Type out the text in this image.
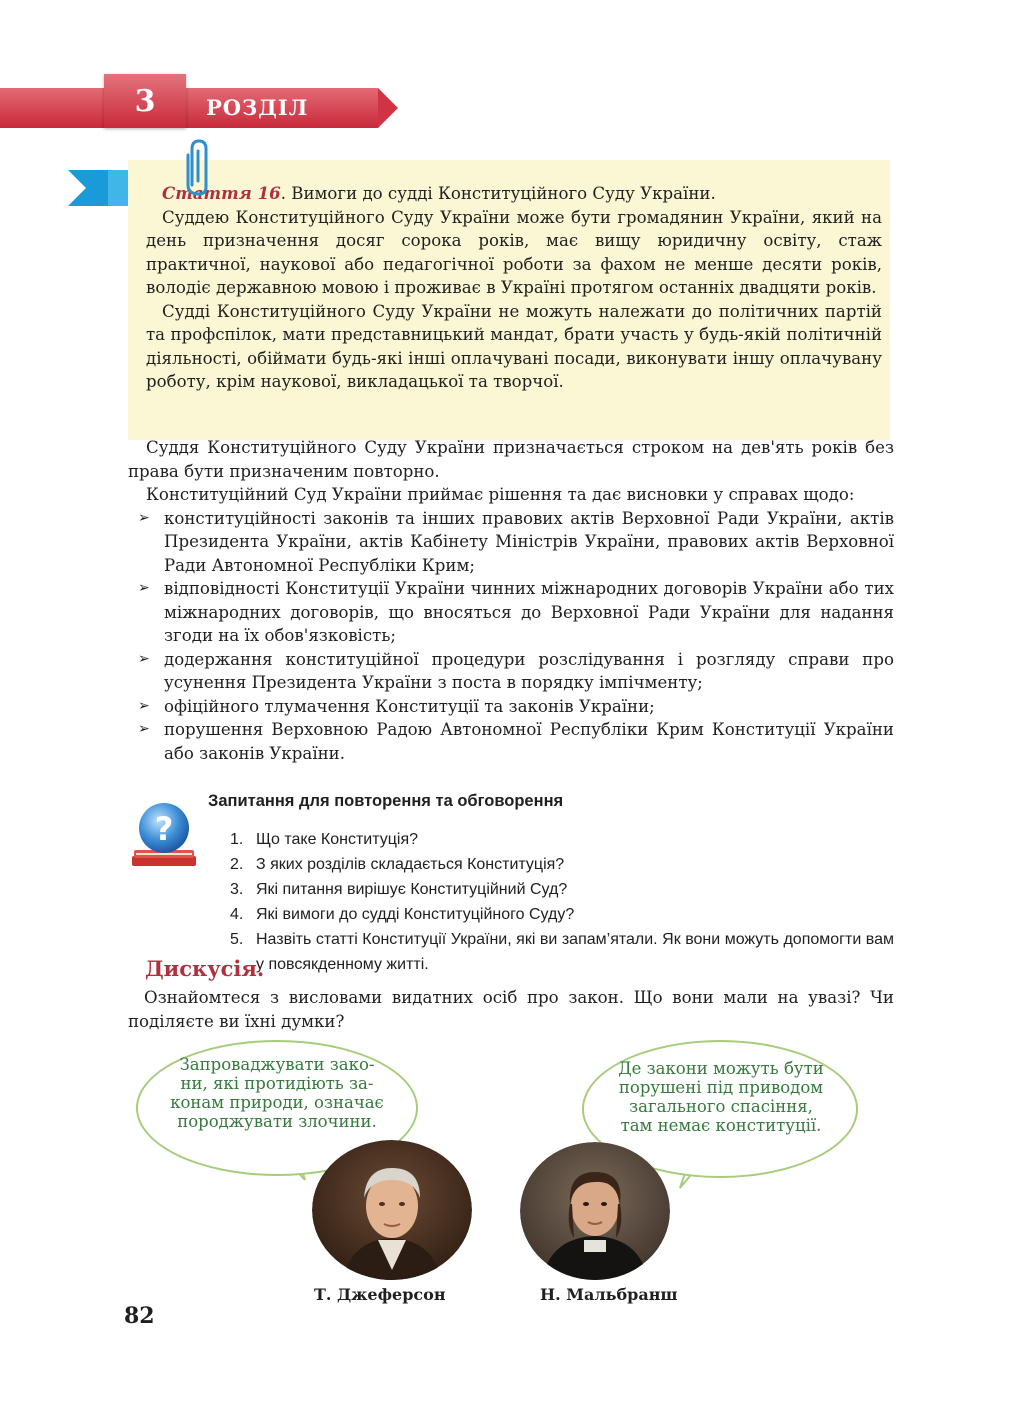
3 РОЗДІЛ

Стаття 16. Вимоги до судді Конституційного Суду України.

Суддею Конституційного Суду України може бути громадянин України, який на день призначення досяг сорока років, має вищу юридичну освіту, стаж практичної, наукової або педагогічної роботи за фахом не менше десяти років, володіє державною мовою і проживає в Україні протягом останніх двадцяти років.

Судді Конституційного Суду України не можуть належати до політичних партій та профспілок, мати представницький мандат, брати участь у будь-якій політичній діяльності, обіймати будь-які інші оплачувані посади, виконувати іншу оплачувану роботу, крім наукової, викладацької та творчої.

Суддя Конституційного Суду України призначається строком на дев'ять років без права бути призначеним повторно.

Конституційний Суд України приймає рішення та дає висновки у справах щодо:

➢ конституційності законів та інших правових актів Верховної Ради України, актів Президента України, актів Кабінету Міністрів України, правових актів Верховної Ради Автономної Республіки Крим;
➢ відповідності Конституції України чинних міжнародних договорів України або тих міжнародних договорів, що вносяться до Верховної Ради України для надання згоди на їх обов'язковість;
➢ додержання конституційної процедури розслідування і розгляду справи про усунення Президента України з поста в порядку імпічменту;
➢ офіційного тлумачення Конституції та законів України;
➢ порушення Верховною Радою Автономної Республіки Крим Конституції України або законів України.
?
Запитання для повторення та обговорення
1. Що таке Конституція?
2. З яких розділів складається Конституція?
3. Які питання вирішує Конституційний Суд?
4. Які вимоги до судді Конституційного Суду?
5. Назвіть статті Конституції України, які ви запам’ятали. Як вони можуть допомогти вам у повсякденному житті.
Дискусія.

Ознайомтеся з висловами видатних осіб про закон. Що вони мали на увазі? Чи поділяєте ви їхні думки?

Запроваджувати зако-
ни, які протидіють за-
конам природи, означає
породжувати злочини.
Де закони можуть бути
порушені під приводом
загального спасіння,
там немає конституції.
Т. Джеферсон	Н. Мальбранш
82
